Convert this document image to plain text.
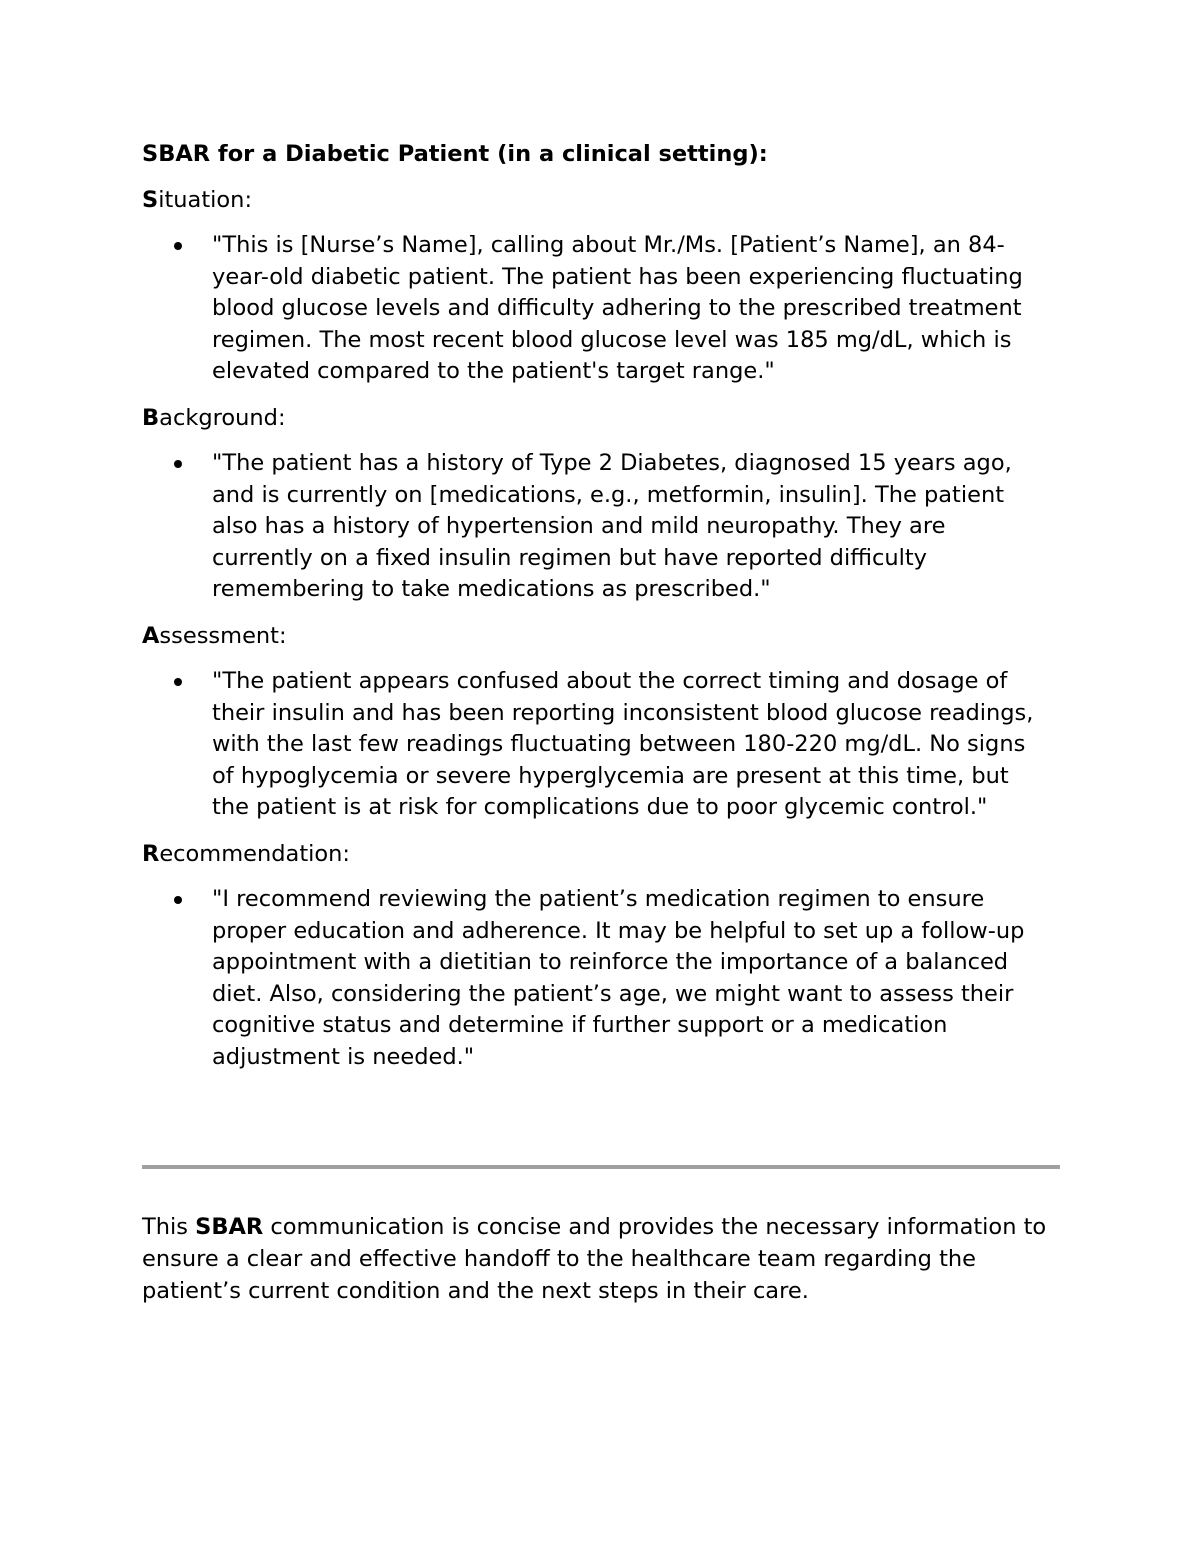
SBAR for a Diabetic Patient (in a clinical setting):

Situation:

"This is [Nurse’s Name], calling about Mr./Ms. [Patient’s Name], an 84-year-old diabetic patient. The patient has been experiencing fluctuating blood glucose levels and difficulty adhering to the prescribed treatment regimen. The most recent blood glucose level was 185 mg/dL, which is elevated compared to the patient's target range."

Background:

"The patient has a history of Type 2 Diabetes, diagnosed 15 years ago, and is currently on [medications, e.g., metformin, insulin]. The patient also has a history of hypertension and mild neuropathy. They are currently on a fixed insulin regimen but have reported difficulty remembering to take medications as prescribed."

Assessment:

"The patient appears confused about the correct timing and dosage of their insulin and has been reporting inconsistent blood glucose readings, with the last few readings fluctuating between 180-220 mg/dL. No signs of hypoglycemia or severe hyperglycemia are present at this time, but the patient is at risk for complications due to poor glycemic control."

Recommendation:

"I recommend reviewing the patient’s medication regimen to ensure proper education and adherence. It may be helpful to set up a follow-up appointment with a dietitian to reinforce the importance of a balanced diet. Also, considering the patient’s age, we might want to assess their cognitive status and determine if further support or a medication adjustment is needed."

This SBAR communication is concise and provides the necessary information to ensure a clear and effective handoff to the healthcare team regarding the patient’s current condition and the next steps in their care.
